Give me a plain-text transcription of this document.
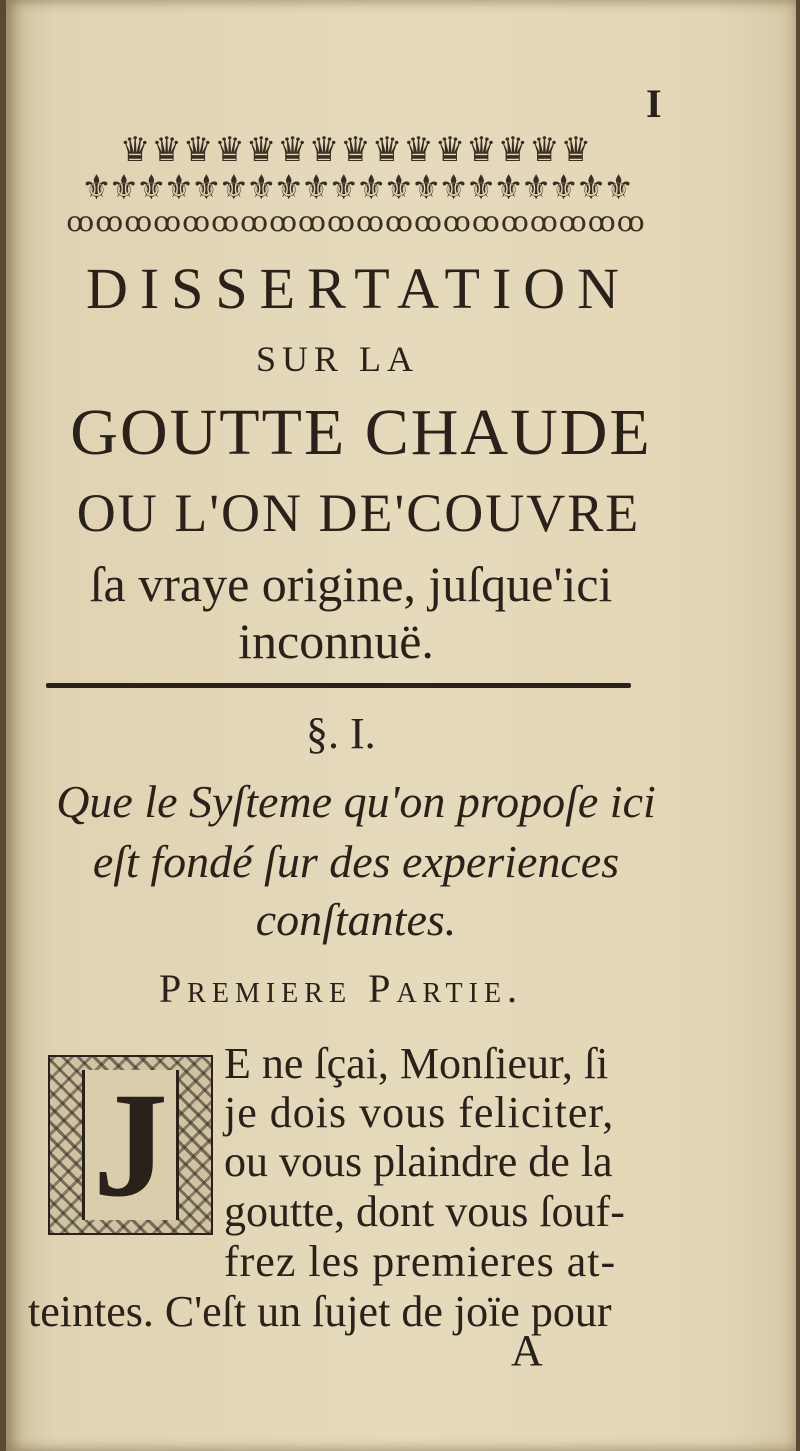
I
♛♛♛♛♛♛♛♛♛♛♛♛♛♛♛
⚜⚜⚜⚜⚜⚜⚜⚜⚜⚜⚜⚜⚜⚜⚜⚜⚜⚜⚜⚜
ꝏꝏꝏꝏꝏꝏꝏꝏꝏꝏꝏꝏꝏꝏꝏꝏꝏꝏꝏꝏ
DISSERTATION
SUR LA
GOUTTE CHAUDE
OU L'ON DE'COUVRE
ſa vraye origine, juſque'ici
inconnuë.
§. I.
Que le Syſteme qu'on propoſe ici
eſt fondé ſur des experiences
conſtantes.
Premiere Partie.
J E ne ſçai, Monſieur, ſi
je dois vous feliciter,
ou vous plaindre de la
goutte, dont vous ſouf-
frez les premieres at-
teintes. C'eſt un ſujet de joïe pour
A
